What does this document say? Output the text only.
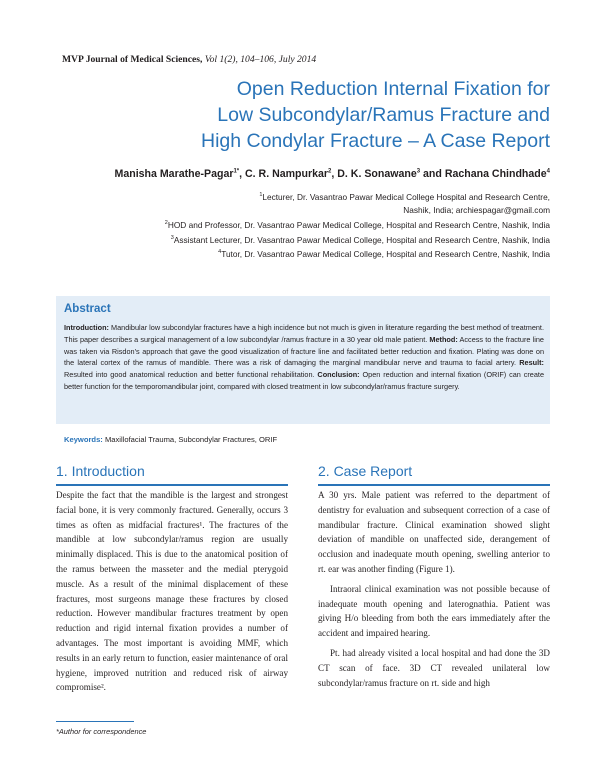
MVP Journal of Medical Sciences, Vol 1(2), 104–106, July 2014
Open Reduction Internal Fixation for
Low Subcondylar/Ramus Fracture and
High Condylar Fracture – A Case Report
Manisha Marathe-Pagar$^{1*}$, C. R. Nampurkar$^2$, D. K. Sonawane$^3$ and Rachana Chindhade$^4$
$^1$Lecturer, Dr. Vasantrao Pawar Medical College Hospital and Research Centre,
Nashik, India; archiespagar@gmail.com
$^2$HOD and Professor, Dr. Vasantrao Pawar Medical College, Hospital and Research Centre, Nashik, India
$^3$Assistant Lecturer, Dr. Vasantrao Pawar Medical College, Hospital and Research Centre, Nashik, India
$^4$Tutor, Dr. Vasantrao Pawar Medical College, Hospital and Research Centre, Nashik, India
Abstract
Introduction: Mandibular low subcondylar fractures have a high incidence but not much is given in literature regarding the best method of treatment. This paper describes a surgical management of a low subcondylar /ramus fracture in a 30 year old male patient. Method: Access to the fracture line was taken via Risdon's approach that gave the good visualization of fracture line and facilitated better reduction and fixation. Plating was done on the lateral cortex of the ramus of mandible. There was a risk of damaging the marginal mandibular nerve and trauma to facial artery. Result: Resulted into good anatomical reduction and better functional rehabilitation. Conclusion: Open reduction and internal fixation (ORIF) can create better function for the temporomandibular joint, compared with closed treatment in low subcondylar/ramus fracture surgery.
Keywords: Maxillofacial Trauma, Subcondylar Fractures, ORIF
1. Introduction

Despite the fact that the mandible is the largest and strongest facial bone, it is very commonly fractured. Generally, occurs 3 times as often as midfacial fractures¹. The fractures of the mandible at low subcondylar/ramus region are usually minimally displaced. This is due to the anatomical position of the ramus between the masseter and the medial pterygoid muscle. As a result of the minimal displacement of these fractures, most surgeons manage these fractures by closed reduction. However mandibular fractures treatment by open reduction and rigid internal fixation provides a number of advantages. The most important is avoiding MMF, which results in an early return to function, easier maintenance of oral hygiene, improved nutrition and reduced risk of airway compromise².

2. Case Report

A 30 yrs. Male patient was referred to the department of dentistry for evaluation and subsequent correction of a case of mandibular fracture. Clinical examination showed slight deviation of mandible on unaffected side, derangement of occlusion and inadequate mouth opening, swelling anterior to rt. ear was another finding (Figure 1).

Intraoral clinical examination was not possible because of inadequate mouth opening and laterognathia. Patient was giving H/o bleeding from both the ears immediately after the accident and impaired hearing.

Pt. had already visited a local hospital and had done the 3D CT scan of face. 3D CT revealed unilateral low subcondylar/ramus fracture on rt. side and high

*Author for correspondence
